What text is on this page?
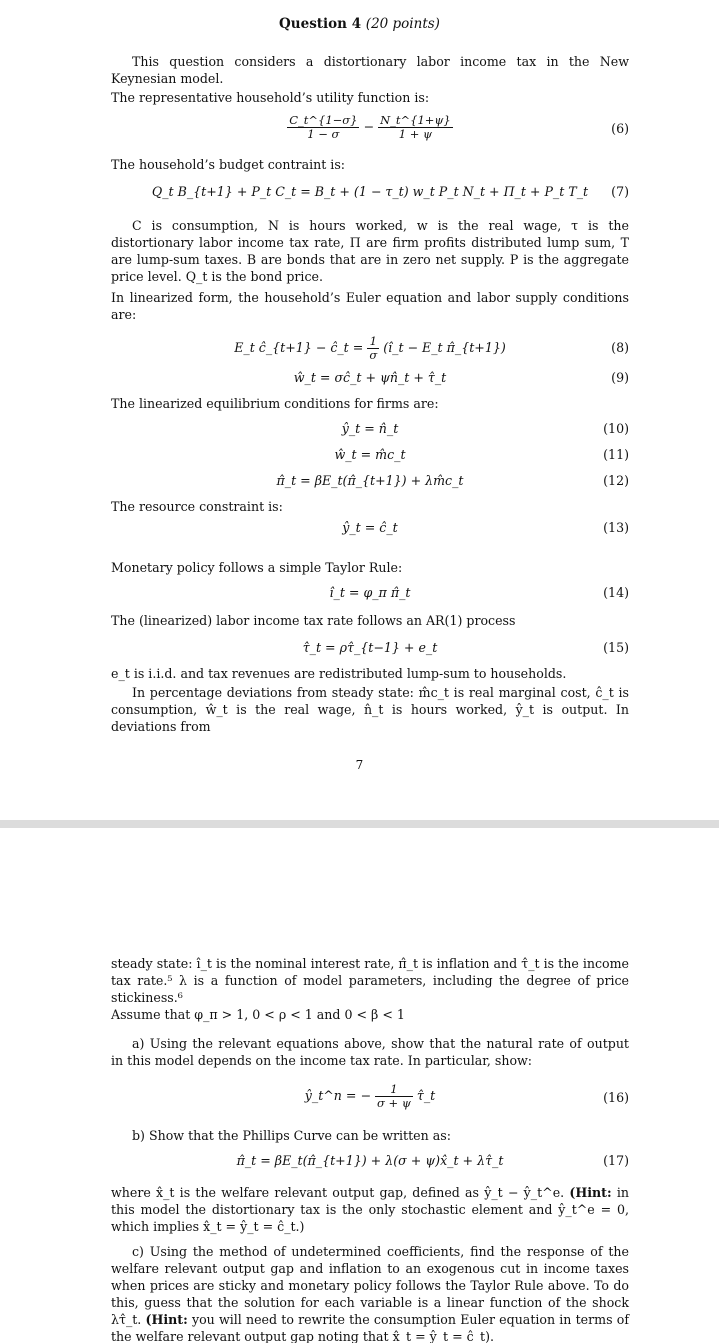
Question 4 (20 points)

This question considers a distortionary labor income tax in the New Keynesian model.

The representative household’s utility function is:

$\frac{C\_t\^{}\{1-\sigma\}}{1 - \sigma} - \frac{N\_t\^{}\{1+\psi\}}{1 + \psi}$	(6)

The household’s budget contraint is:

Q_t B_{t+1} + P_t C_t = B_t + (1 − τ_t) w_t P_t N_t + Π_t + P_t T_t	(7)

C is consumption, N is hours worked, w is the real wage, τ is the distortionary labor income tax rate, Π are firm profits distributed lump sum, T are lump-sum taxes. B are bonds that are in zero net supply. P is the aggregate price level. Q_t is the bond price.

In linearized form, the household’s Euler equation and labor supply conditions are:

E_t ĉ_{t+1} − ĉ_t = $\frac{1}{\sigma}$ (î_t − E_t π̂_{t+1})	(8)
ŵ_t = σĉ_t + ψn̂_t + τ̂_t	(9)

The linearized equilibrium conditions for firms are:

ŷ_t = n̂_t	(10)
ŵ_t = m̂c_t	(11)
π̂_t = βE_t(π̂_{t+1}) + λm̂c_t	(12)

The resource constraint is:

ŷ_t = ĉ_t	(13)

Monetary policy follows a simple Taylor Rule:

î_t = φ_π π̂_t	(14)

The (linearized) labor income tax rate follows an AR(1) process

τ̂_t = ρτ̂_{t−1} + e_t	(15)

e_t is i.i.d. and tax revenues are redistributed lump-sum to households.

In percentage deviations from steady state: m̂c_t is real marginal cost, ĉ_t is consumption, ŵ_t is the real wage, n̂_t is hours worked, ŷ_t is output. In deviations from

7

steady state: î_t is the nominal interest rate, π̂_t is inflation and τ̂_t is the income tax rate.⁵ λ is a function of model parameters, including the degree of price stickiness.⁶

Assume that φ_π > 1, 0 < ρ < 1 and 0 < β < 1

a) Using the relevant equations above, show that the natural rate of output in this model depends on the income tax rate. In particular, show:

ŷ_t^n = − $\frac{1}{\sigma + \psi}$ τ̂_t	(16)

b) Show that the Phillips Curve can be written as:

π̂_t = βE_t(π̂_{t+1}) + λ(σ + ψ)x̂_t + λτ̂_t	(17)

where x̂_t is the welfare relevant output gap, defined as ŷ_t − ŷ_t^e. (Hint: in this model the distortionary tax is the only stochastic element and ŷ_t^e = 0, which implies x̂_t = ŷ_t = ĉ_t.)

c) Using the method of undetermined coefficients, find the response of the welfare relevant output gap and inflation to an exogenous cut in income taxes when prices are sticky and monetary policy follows the Taylor Rule above. To do this, guess that the solution for each variable is a linear function of the shock λτ̂_t. (Hint: you will need to rewrite the consumption Euler equation in terms of the welfare relevant output gap noting that x̂_t = ŷ_t = ĉ_t).
